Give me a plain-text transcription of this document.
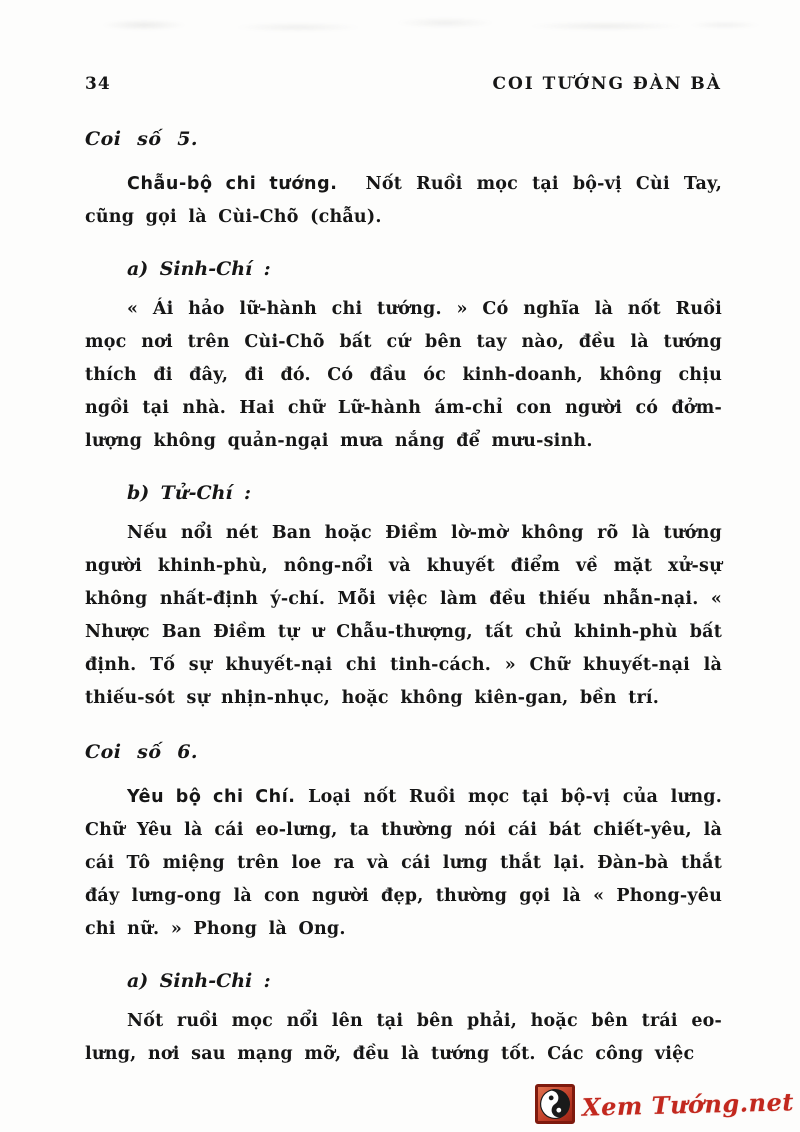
34	COI TƯỚNG ĐÀN BÀ
Coi số 5.

Chẫu-bộ chi tướng. Nốt Ruồi mọc tại bộ-vị Cùi Tay, cũng gọi là Cùi-Chõ (chẫu).

a) Sinh-Chí :

« Ái hảo lữ-hành chi tướng. » Có nghĩa là nốt Ruồi mọc nơi trên Cùi-Chõ bất cứ bên tay nào, đều là tướng thích đi đây, đi đó. Có đầu óc kinh-doanh, không chịu ngồi tại nhà. Hai chữ Lữ-hành ám-chỉ con người có đởm-lượng không quản-ngại mưa nắng để mưu-sinh.

b) Tử-Chí :

Nếu nổi nét Ban hoặc Điềm lờ-mờ không rõ là tướng người khinh-phù, nông-nổi và khuyết điểm về mặt xử-sự không nhất-định ý-chí. Mỗi việc làm đều thiếu nhẫn-nại. « Nhược Ban Điềm tự ư Chẫu-thượng, tất chủ khinh-phù bất định. Tố sự khuyết-nại chi tinh-cách. » Chữ khuyết-nại là thiếu-sót sự nhịn-nhục, hoặc không kiên-gan, bền trí.

Coi số 6.

Yêu bộ chi Chí. Loại nốt Ruồi mọc tại bộ-vị của lưng. Chữ Yêu là cái eo-lưng, ta thường nói cái bát chiết-yêu, là cái Tô miệng trên loe ra và cái lưng thắt lại. Đàn-bà thắt đáy lưng-ong là con người đẹp, thường gọi là « Phong-yêu chi nữ. » Phong là Ong.

a) Sinh-Chi :

Nốt ruồi mọc nổi lên tại bên phải, hoặc bên trái eo-lưng, nơi sau mạng mỡ, đều là tướng tốt. Các công việc

Xem Tướng.net
